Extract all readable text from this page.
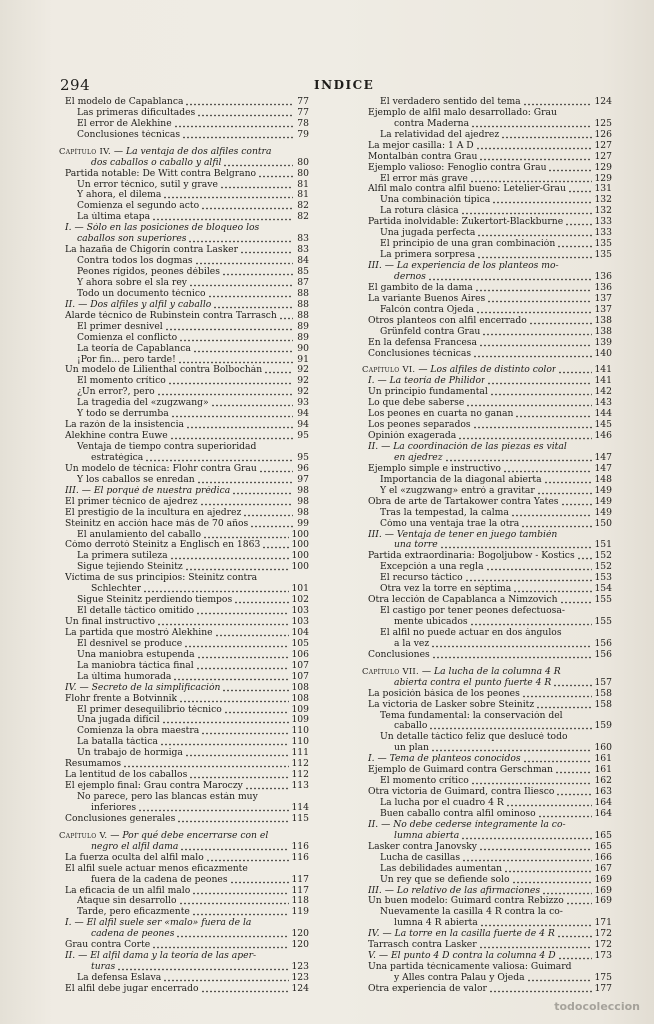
294	INDICE
El modelo de Capablanca	77
Las primeras dificultades	77
El error de Alekhine	78
Conclusiones técnicas	79
Capítulo IV. — La ventaja de dos alfiles contra
dos caballos o caballo y alfil	80
Partida notable: De Witt contra Belgrano	80
Un error técnico, sutil y grave	81
Y ahora, el dilema	81
Comienza el segundo acto	82
La última etapa	82
I. — Sólo en las posiciones de bloqueo los
caballos son superiores	83
La hazaña de Chigorín contra Lasker	83
Contra todos los dogmas	84
Peones rígidos, peones débiles	85
Y ahora sobre el sla rey	87
Todo un documento técnico	88
II. — Dos alfiles y alfil y caballo	88
Alarde técnico de Rubinstein contra Tarrasch 88
El primer desnivel	89
Comienza el conflicto	89
La teoría de Capablanca	90
¡Por fin... pero tarde!	91
Un modelo de Lilienthal contra Bolbochán	92
El momento crítico	92
¿Un error?, pero	92
La tragedia del «zugzwang»	93
Y todo se derrumba	94
La razón de la insistencia	94
Alekhine contra Euwe	95
Ventaja de tiempo contra superioridad
estratégica	95
Un modelo de técnica: Flohr contra Grau	96
Y los caballos se enredan	97
III. — El porqué de nuestra prédica	98
El primer técnico de ajedrez	98
El prestigio de la incultura en ajedrez	98
Steinitz en acción hace más de 70 años	99
El anulamiento del caballo	100
Cómo derrotó Steinitz a Englisch en 1863	100
La primera sutileza	100
Sigue tejiendo Steinitz	100
Víctima de sus principios: Steinitz contra
Schlechter	101
Sigue Steinitz perdiendo tiempos	102
El detalle táctico omitido	103
Un final instructivo	103
La partida que mostró Alekhine	104
El desnivel se produce	105
Una maniobra estupenda	106
La maniobra táctica final	107
La última humorada	107
IV. — Secreto de la simplificación	108
Flohr frente a Botvinnik	108
El primer desequilibrio técnico	109
Una jugada difícil	109
Comienza la obra maestra	110
La batalla táctica	110
Un trabajo de hormiga	111
Resumamos	112
La lentitud de los caballos	112
El ejemplo final: Grau contra Maroczy	113
No parece, pero las blancas están muy
inferiores	114
Conclusiones generales	115
Capítulo V. — Por qué debe encerrarse con el
negro el alfil dama	116
La fuerza oculta del alfil malo	116
El alfil suele actuar menos eficazmente
fuera de la cadena de peones	117
La eficacia de un alfil malo	117
Ataque sin desarrollo	118
Tarde, pero eficazmente	119
I. — El alfil suele ser «malo» fuera de la
cadena de peones	120
Grau contra Corte	120
II. — El alfil dama y la teoría de las aper-
turas	123
La defensa Eslava	123
El alfil debe jugar encerrado	124
El verdadero sentido del tema	124
Ejemplo de alfil malo desarrollado: Grau
contra Maderna	125
La relatividad del ajedrez	126
La mejor casilla: 1 A D	127
Montalbán contra Grau	127
Ejemplo valioso: Fenoglio contra Grau	129
El error más grave	129
Alfil malo contra alfil bueno: Letelier-Grau	131
Una combinación típica	132
La rotura clásica	132
Partida inolvidable: Zukertort-Blackburne	133
Una jugada perfecta	133
El principio de una gran combinación	135
La primera sorpresa	135
III. — La experiencia de los planteos mo-
dernos	136
El gambito de la dama	136
La variante Buenos Aires	137
Falcón contra Ojeda	137
Otros planteos con alfil encerrado	138
Grünfeld contra Grau	138
En la defensa Francesa	139
Conclusiones técnicas	140
Capítulo VI. — Los alfiles de distinto color	141
I. — La teoría de Philidor	141
Un principio fundamental	142
Lo que debe saberse	143
Los peones en cuarta no ganan	144
Los peones separados	145
Opinión exagerada	146
II. — La coordinación de las piezas es vital
en ajedrez	147
Ejemplo simple e instructivo	147
Importancia de la diagonal abierta	148
Y el «zugzwang» entró a gravitar	149
Obra de arte de Tartakower contra Yates	149
Tras la tempestad, la calma	149
Cómo una ventaja trae la otra	150
III. — Ventaja de tener en juego también
una torre	151
Partida extraordinaria: Bogoljubow - Kostics 152
Excepción a una regla	152
El recurso táctico	153
Otra vez la torre en séptima	154
Otra lección de Capablanca a Nimzovich	155
El castigo por tener peones defectuosa-
mente ubicados	155
El alfil no puede actuar en dos ángulos
a la vez	156
Conclusiones	156
Capítulo VII. — La lucha de la columna 4 R
abierta contra el punto fuerte 4 R	157
La posición básica de los peones	158
La victoria de Lasker sobre Steinitz	158
Tema fundamental: la conservación del
caballo	159
Un detalle táctico feliz que deslucé todo
un plan	160
I. — Tema de planteos conocidos	161
Ejemplo de Guimard contra Gerschman	161
El momento crítico	162
Otra victoria de Guimard, contra Iliesco	163
La lucha por el cuadro 4 R	164
Buen caballo contra alfil ominoso	164
II. — No debe cederse íntegramente la co-
lumna abierta	165
Lasker contra Janovsky	165
Lucha de casillas	166
Las debilidades aumentan	167
Un rey que se defiende solo	169
III. — Lo relativo de las afirmaciones	169
Un buen modelo: Guimard contra Rebizzo	169
Nuevamente la casilla 4 R contra la co-
lumna 4 R abierta	171
IV. — La torre en la casilla fuerte de 4 R	172
Tarrasch contra Lasker	172
V. — El punto 4 D contra la columna 4 D	173
Una partida técnicamente valiosa: Guimard
y Alles contra Palau y Ojeda	175
Otra experiencia de valor	177
todocoleccion
